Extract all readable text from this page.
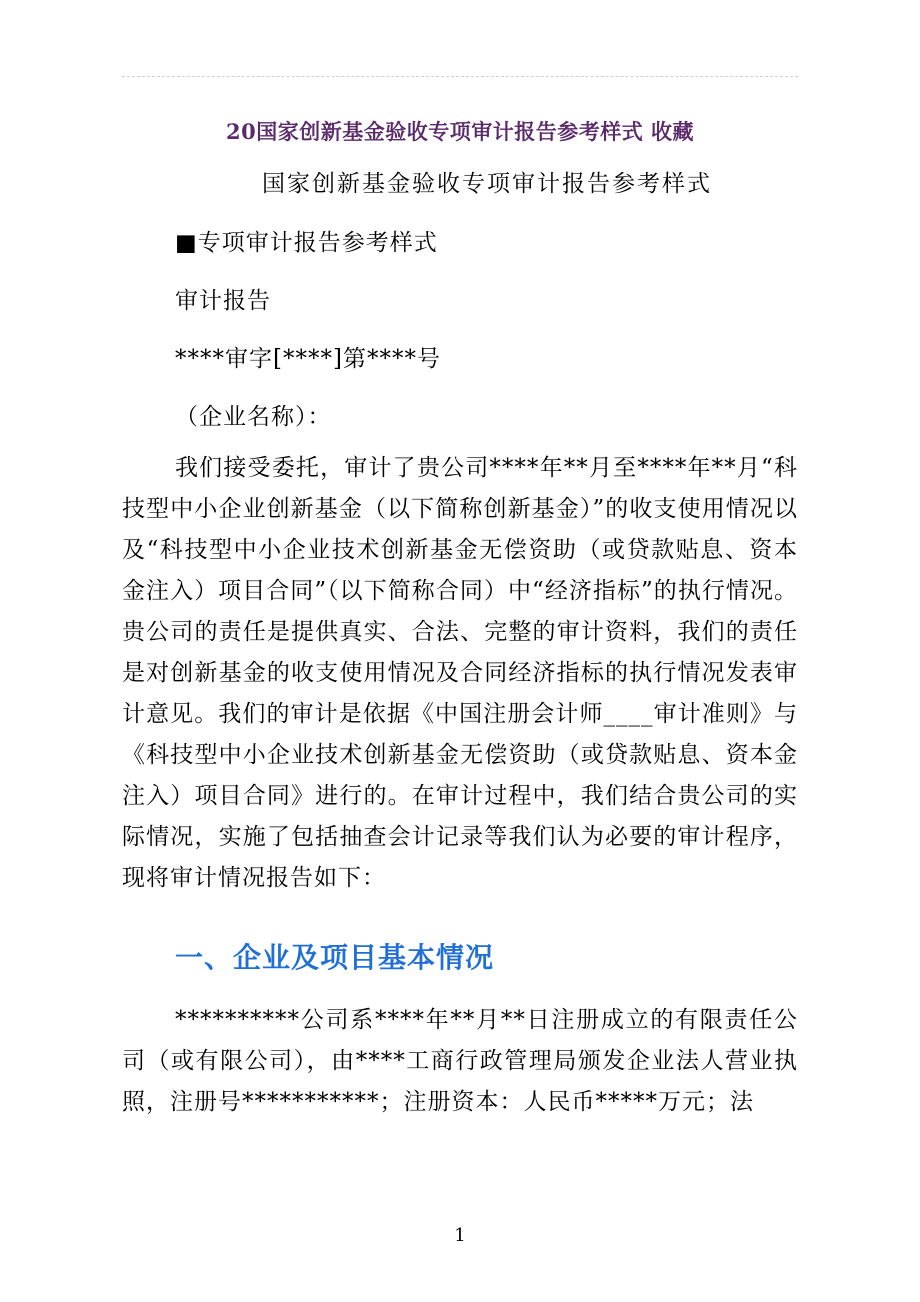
20国家创新基金验收专项审计报告参考样式 收藏
国家创新基金验收专项审计报告参考样式
■专项审计报告参考样式
审计报告
****审字[****]第****号
（企业名称）：
我们接受委托，审计了贵公司****年**月至****年**月“科技型中小企业创新基金（以下简称创新基金）”的收支使用情况以及“科技型中小企业技术创新基金无偿资助（或贷款贴息、资本金注入）项目合同”（以下简称合同）中“经济指标”的执行情况。贵公司的责任是提供真实、合法、完整的审计资料，我们的责任是对创新基金的收支使用情况及合同经济指标的执行情况发表审计意见。我们的审计是依据《中国注册会计师____审计准则》与《科技型中小企业技术创新基金无偿资助（或贷款贴息、资本金注入）项目合同》进行的。在审计过程中，我们结合贵公司的实际情况，实施了包括抽查会计记录等我们认为必要的审计程序，现将审计情况报告如下：
一、企业及项目基本情况
**********公司系****年**月**日注册成立的有限责任公司（或有限公司），由****工商行政管理局颁发企业法人营业执照，注册号***********；注册资本：人民币*****万元；法
1
